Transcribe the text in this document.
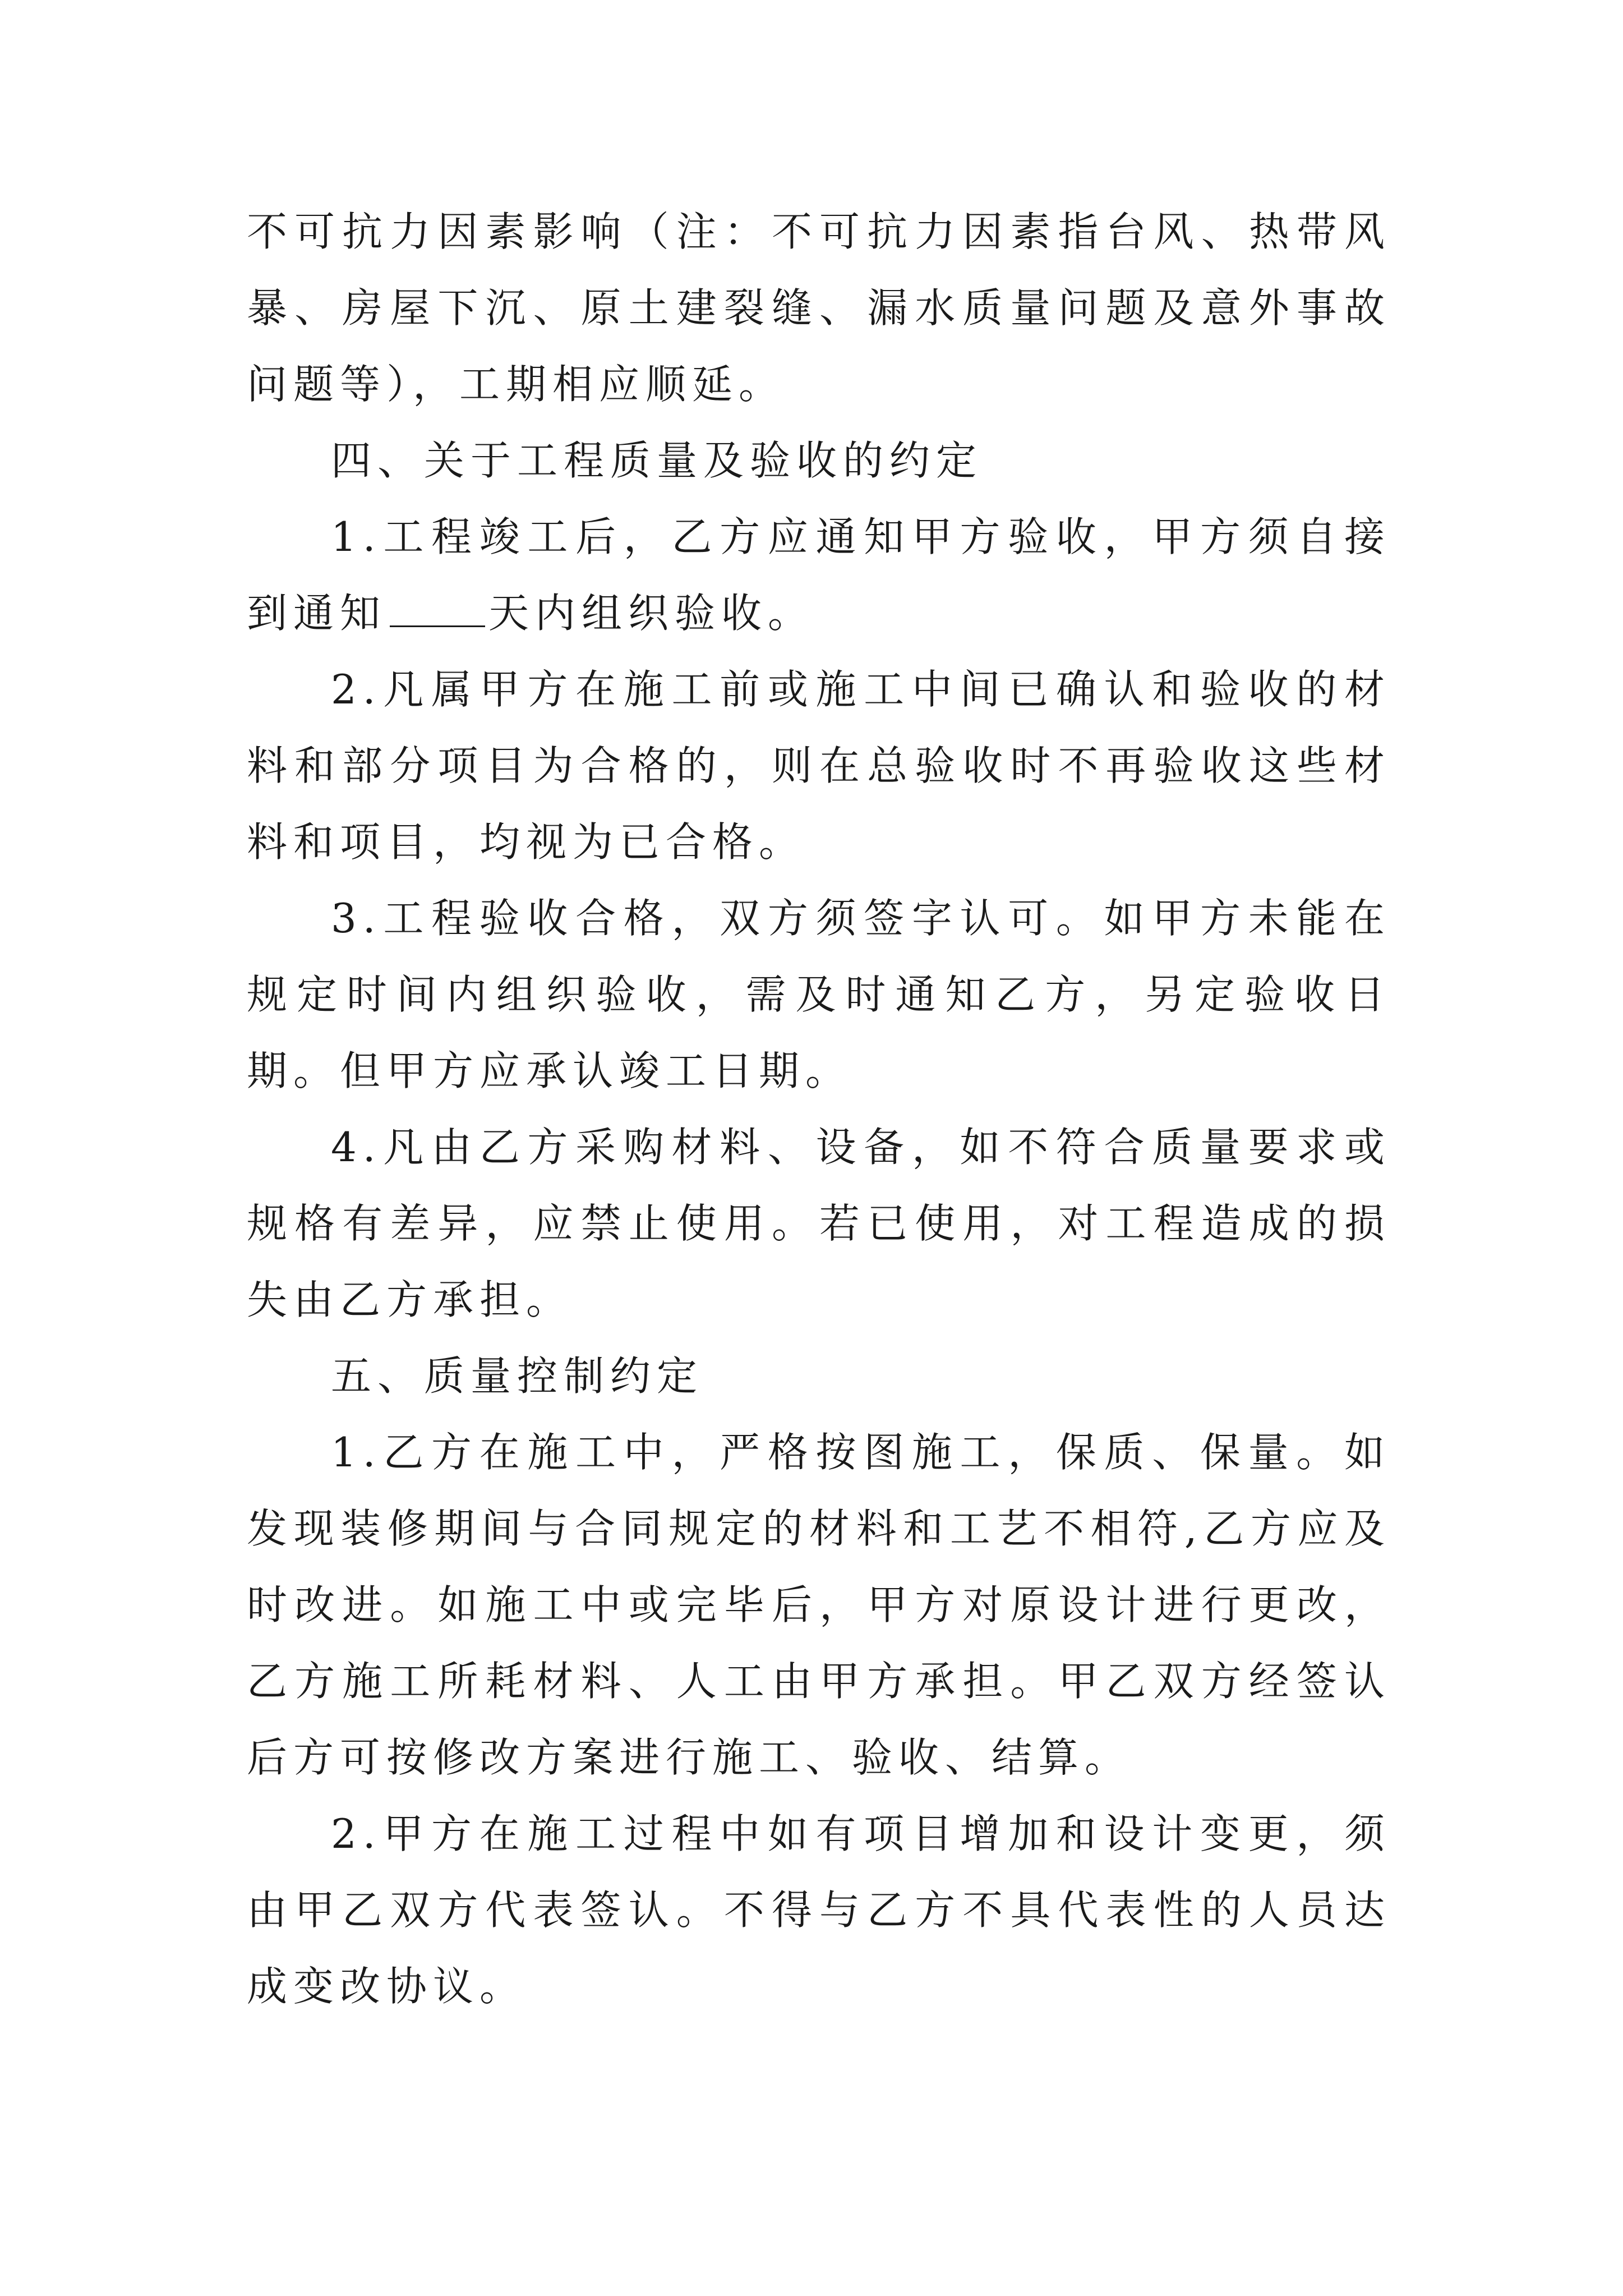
不可抗力因素影响（注：不可抗力因素指台风、热带风暴、房屋下沉、原土建裂缝、漏水质量问题及意外事故问题等），工期相应顺延。

四、关于工程质量及验收的约定

1.工程竣工后，乙方应通知甲方验收，甲方须自接到通知	天内组织验收。

2.凡属甲方在施工前或施工中间已确认和验收的材料和部分项目为合格的，则在总验收时不再验收这些材料和项目，均视为已合格。

3.工程验收合格，双方须签字认可。如甲方未能在规定时间内组织验收，需及时通知乙方，另定验收日期。但甲方应承认竣工日期。

4.凡由乙方采购材料、设备，如不符合质量要求或规格有差异，应禁止使用。若已使用，对工程造成的损失由乙方承担。

五、质量控制约定

1.乙方在施工中，严格按图施工，保质、保量。如发现装修期间与合同规定的材料和工艺不相符,乙方应及时改进。如施工中或完毕后，甲方对原设计进行更改，乙方施工所耗材料、人工由甲方承担。甲乙双方经签认后方可按修改方案进行施工、验收、结算。

2.甲方在施工过程中如有项目增加和设计变更，须由甲乙双方代表签认。不得与乙方不具代表性的人员达成变改协议。
